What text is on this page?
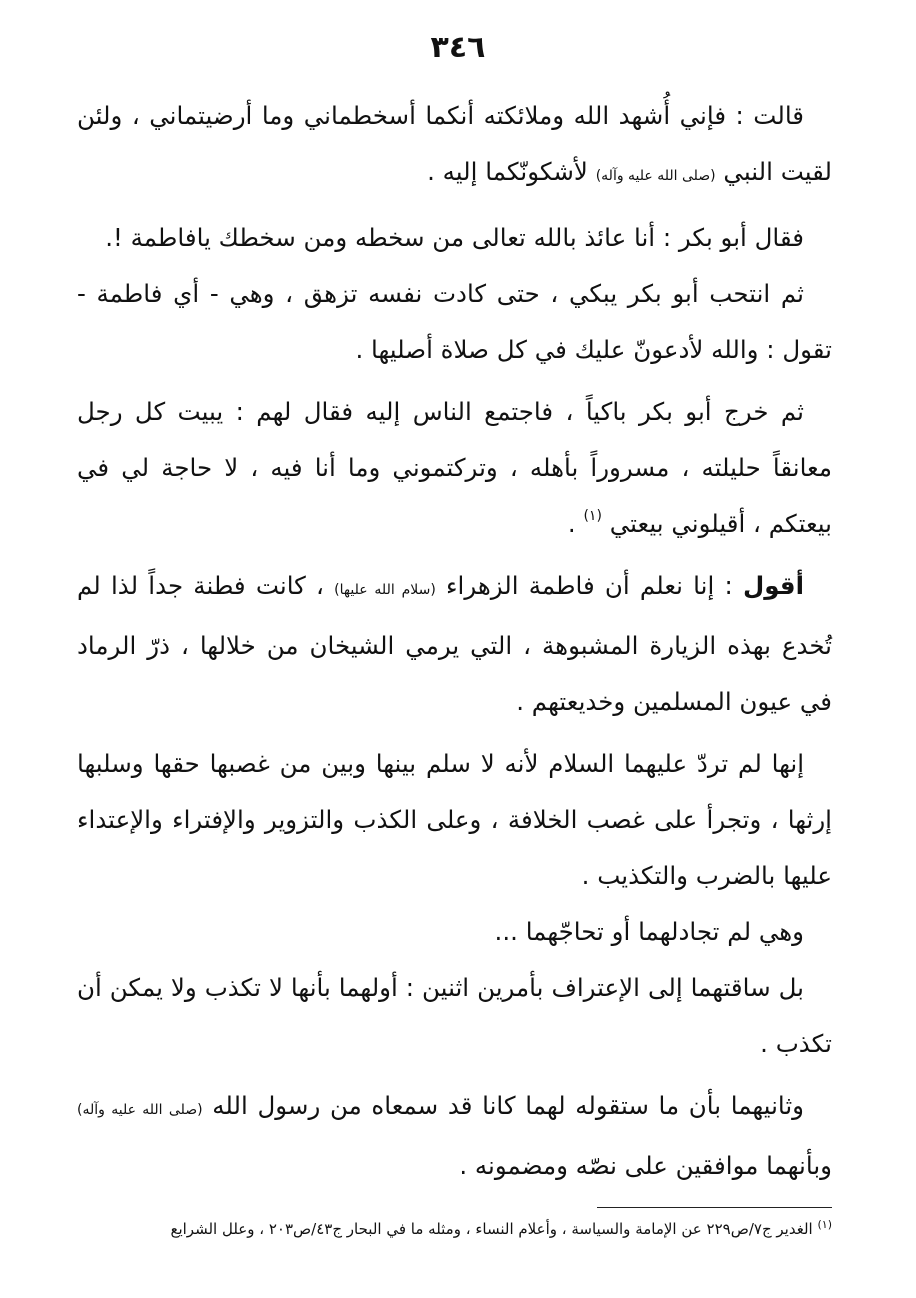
٣٤٦

قالت : فإني أُشهد الله وملائكته أنكما أسخطماني وما أرضيتماني ، ولئن لقيت النبي (صلى الله عليه وآله) لأشكونّكما إليه .

فقال أبو بكر : أنا عائذ بالله تعالى من سخطه ومن سخطك يافاطمة !.

ثم انتحب أبو بكر يبكي ، حتى كادت نفسه تزهق ، وهي - أي فاطمة - تقول : والله لأدعونّ عليك في كل صلاة أصليها .

ثم خرج أبو بكر باكياً ، فاجتمع الناس إليه فقال لهم : يبيت كل رجل معانقاً حليلته ، مسروراً بأهله ، وتركتموني وما أنا فيه ، لا حاجة لي في بيعتكم ، أقيلوني بيعتي $^{(١)}$ .

أقول : إنا نعلم أن فاطمة الزهراء (سلام الله عليها) ، كانت فطنة جداً لذا لم تُخدع بهذه الزيارة المشبوهة ، التي يرمي الشيخان من خلالها ، ذرّ الرماد في عيون المسلمين وخديعتهم .

إنها لم تردّ عليهما السلام لأنه لا سلم بينها وبين من غصبها حقها وسلبها إرثها ، وتجرأ على غصب الخلافة ، وعلى الكذب والتزوير والإفتراء والإعتداء عليها بالضرب والتكذيب .

وهي لم تجادلهما أو تحاجّهما ...

بل ساقتهما إلى الإعتراف بأمرين اثنين : أولهما بأنها لا تكذب ولا يمكن أن تكذب .

وثانيهما بأن ما ستقوله لهما كانا قد سمعاه من رسول الله (صلى الله عليه وآله) وبأنهما موافقين على نصّه ومضمونه .

$^{(١)}$ الغدير ج٧/ص٢٢٩ عن الإمامة والسياسة ، وأعلام النساء ، ومثله ما في البحار ج٤٣/ص٢٠٣ ، وعلل الشرايع
